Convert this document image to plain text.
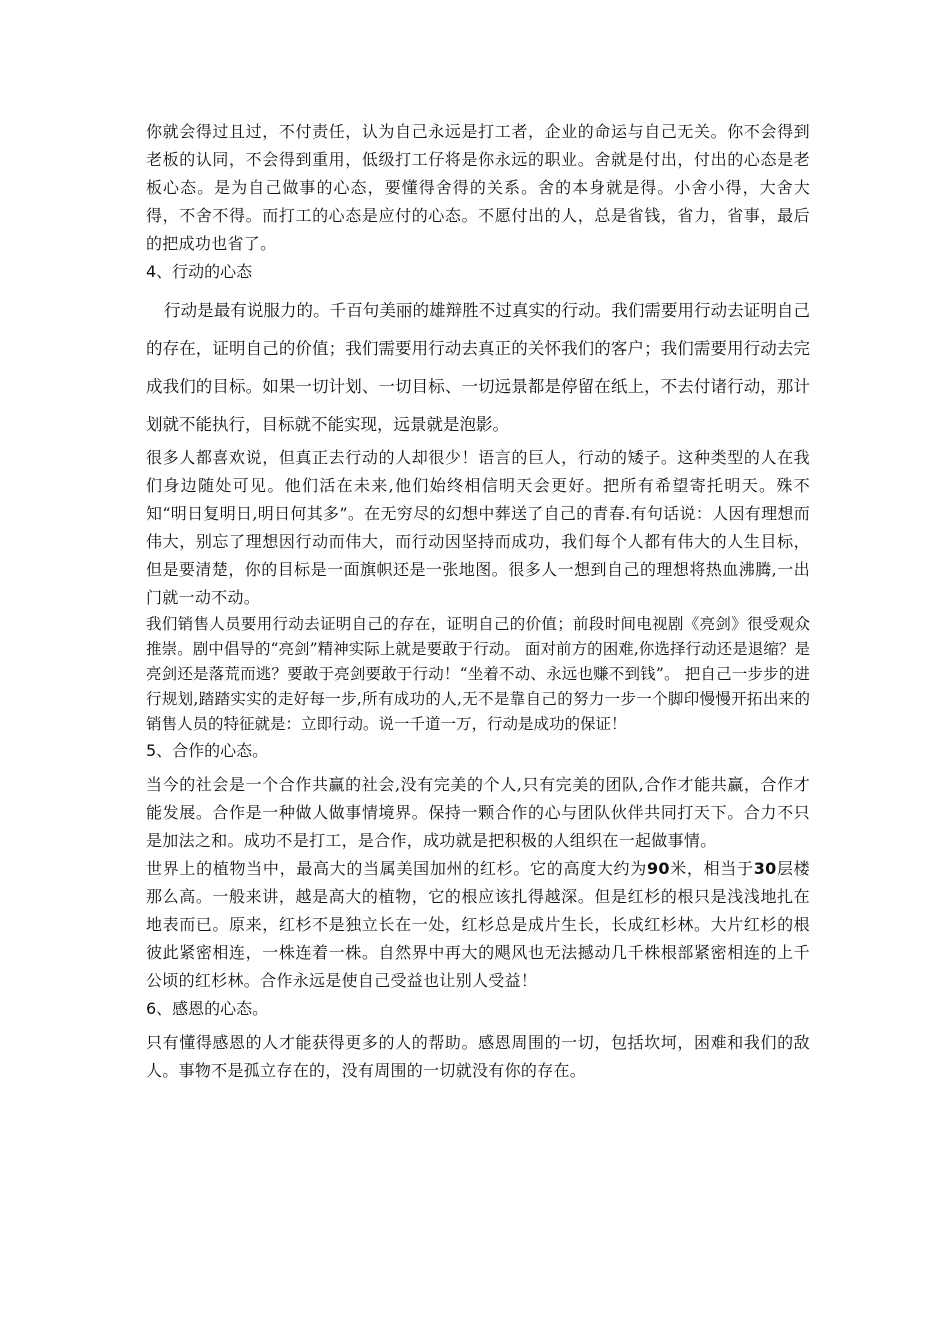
你就会得过且过，不付责任，认为自己永远是打工者，企业的命运与自己无关。你不会得到老板的认同，不会得到重用，低级打工仔将是你永远的职业。舍就是付出，付出的心态是老板心态。是为自己做事的心态，要懂得舍得的关系。舍的本身就是得。小舍小得，大舍大得，不舍不得。而打工的心态是应付的心态。不愿付出的人，总是省钱，省力，省事，最后的把成功也省了。

4、行动的心态

行动是最有说服力的。千百句美丽的雄辩胜不过真实的行动。我们需要用行动去证明自己的存在，证明自己的价值；我们需要用行动去真正的关怀我们的客户；我们需要用行动去完成我们的目标。如果一切计划、一切目标、一切远景都是停留在纸上，不去付诸行动，那计划就不能执行，目标就不能实现，远景就是泡影。

很多人都喜欢说，但真正去行动的人却很少！语言的巨人，行动的矮子。这种类型的人在我们身边随处可见。他们活在未来,他们始终相信明天会更好。把所有希望寄托明天。殊不知“明日复明日,明日何其多”。在无穷尽的幻想中葬送了自己的青春.有句话说：人因有理想而伟大，别忘了理想因行动而伟大，而行动因坚持而成功，我们每个人都有伟大的人生目标，但是要清楚，你的目标是一面旗帜还是一张地图。很多人一想到自己的理想将热血沸腾,一出门就一动不动。

我们销售人员要用行动去证明自己的存在，证明自己的价值；前段时间电视剧《亮剑》很受观众推崇。剧中倡导的“亮剑”精神实际上就是要敢于行动。 面对前方的困难,你选择行动还是退缩？是亮剑还是落荒而逃？要敢于亮剑要敢于行动！“坐着不动、永远也赚不到钱”。 把自己一步步的进行规划,踏踏实实的走好每一步,所有成功的人,无不是靠自己的努力一步一个脚印慢慢开拓出来的 销售人员的特征就是：立即行动。说一千道一万，行动是成功的保证！

5、合作的心态。

当今的社会是一个合作共赢的社会,没有完美的个人,只有完美的团队,合作才能共赢，合作才能发展。合作是一种做人做事情境界。保持一颗合作的心与团队伙伴共同打天下。合力不只是加法之和。成功不是打工，是合作，成功就是把积极的人组织在一起做事情。

世界上的植物当中，最高大的当属美国加州的红杉。它的高度大约为90米，相当于30层楼那么高。一般来讲，越是高大的植物，它的根应该扎得越深。但是红杉的根只是浅浅地扎在地表而已。原来，红杉不是独立长在一处，红杉总是成片生长，长成红杉林。大片红杉的根彼此紧密相连，一株连着一株。自然界中再大的飓风也无法撼动几千株根部紧密相连的上千公顷的红杉林。合作永远是使自己受益也让别人受益！

6、感恩的心态。

只有懂得感恩的人才能获得更多的人的帮助。感恩周围的一切，包括坎坷，困难和我们的敌人。事物不是孤立存在的，没有周围的一切就没有你的存在。
